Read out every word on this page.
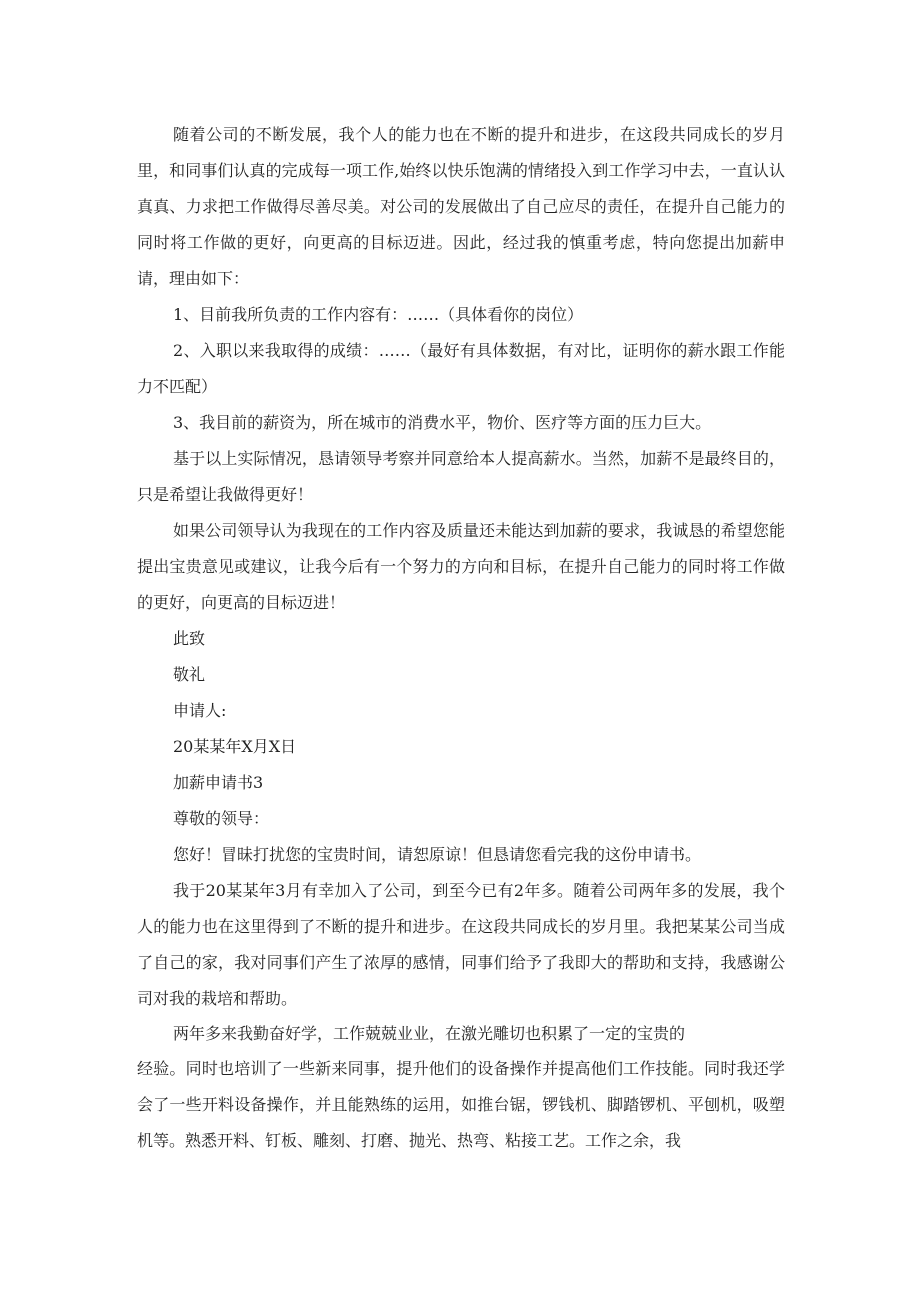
随着公司的不断发展，我个人的能力也在不断的提升和进步，在这段共同成长的岁月里，和同事们认真的完成每一项工作,始终以快乐饱满的情绪投入到工作学习中去，一直认认真真、力求把工作做得尽善尽美。对公司的发展做出了自己应尽的责任，在提升自己能力的同时将工作做的更好，向更高的目标迈进。因此，经过我的慎重考虑，特向您提出加薪申请，理由如下：

1、目前我所负责的工作内容有：……（具体看你的岗位）

2、入职以来我取得的成绩：……（最好有具体数据，有对比，证明你的薪水跟工作能力不匹配）

3、我目前的薪资为，所在城市的消费水平，物价、医疗等方面的压力巨大。

基于以上实际情况，恳请领导考察并同意给本人提高薪水。当然，加薪不是最终目的，只是希望让我做得更好！

如果公司领导认为我现在的工作内容及质量还未能达到加薪的要求，我诚恳的希望您能提出宝贵意见或建议，让我今后有一个努力的方向和目标，在提升自己能力的同时将工作做的更好，向更高的目标迈进！

此致
敬礼
申请人:
20某某年X月X日
加薪申请书3
尊敬的领导：
您好！冒昧打扰您的宝贵时间，请恕原谅！但恳请您看完我的这份申请书。

我于20某某年3月有幸加入了公司，到至今已有2年多。随着公司两年多的发展，我个人的能力也在这里得到了不断的提升和进步。在这段共同成长的岁月里。我把某某公司当成了自己的家，我对同事们产生了浓厚的感情，同事们给予了我即大的帮助和支持，我感谢公司对我的栽培和帮助。

两年多来我勤奋好学，工作兢兢业业，在激光雕切也积累了一定的宝贵的

经验。同时也培训了一些新来同事，提升他们的设备操作并提高他们工作技能。同时我还学会了一些开料设备操作，并且能熟练的运用，如推台锯，锣钱机、脚踏锣机、平刨机，吸塑机等。熟悉开料、钉板、雕刻、打磨、抛光、热弯、粘接工艺。工作之余，我
